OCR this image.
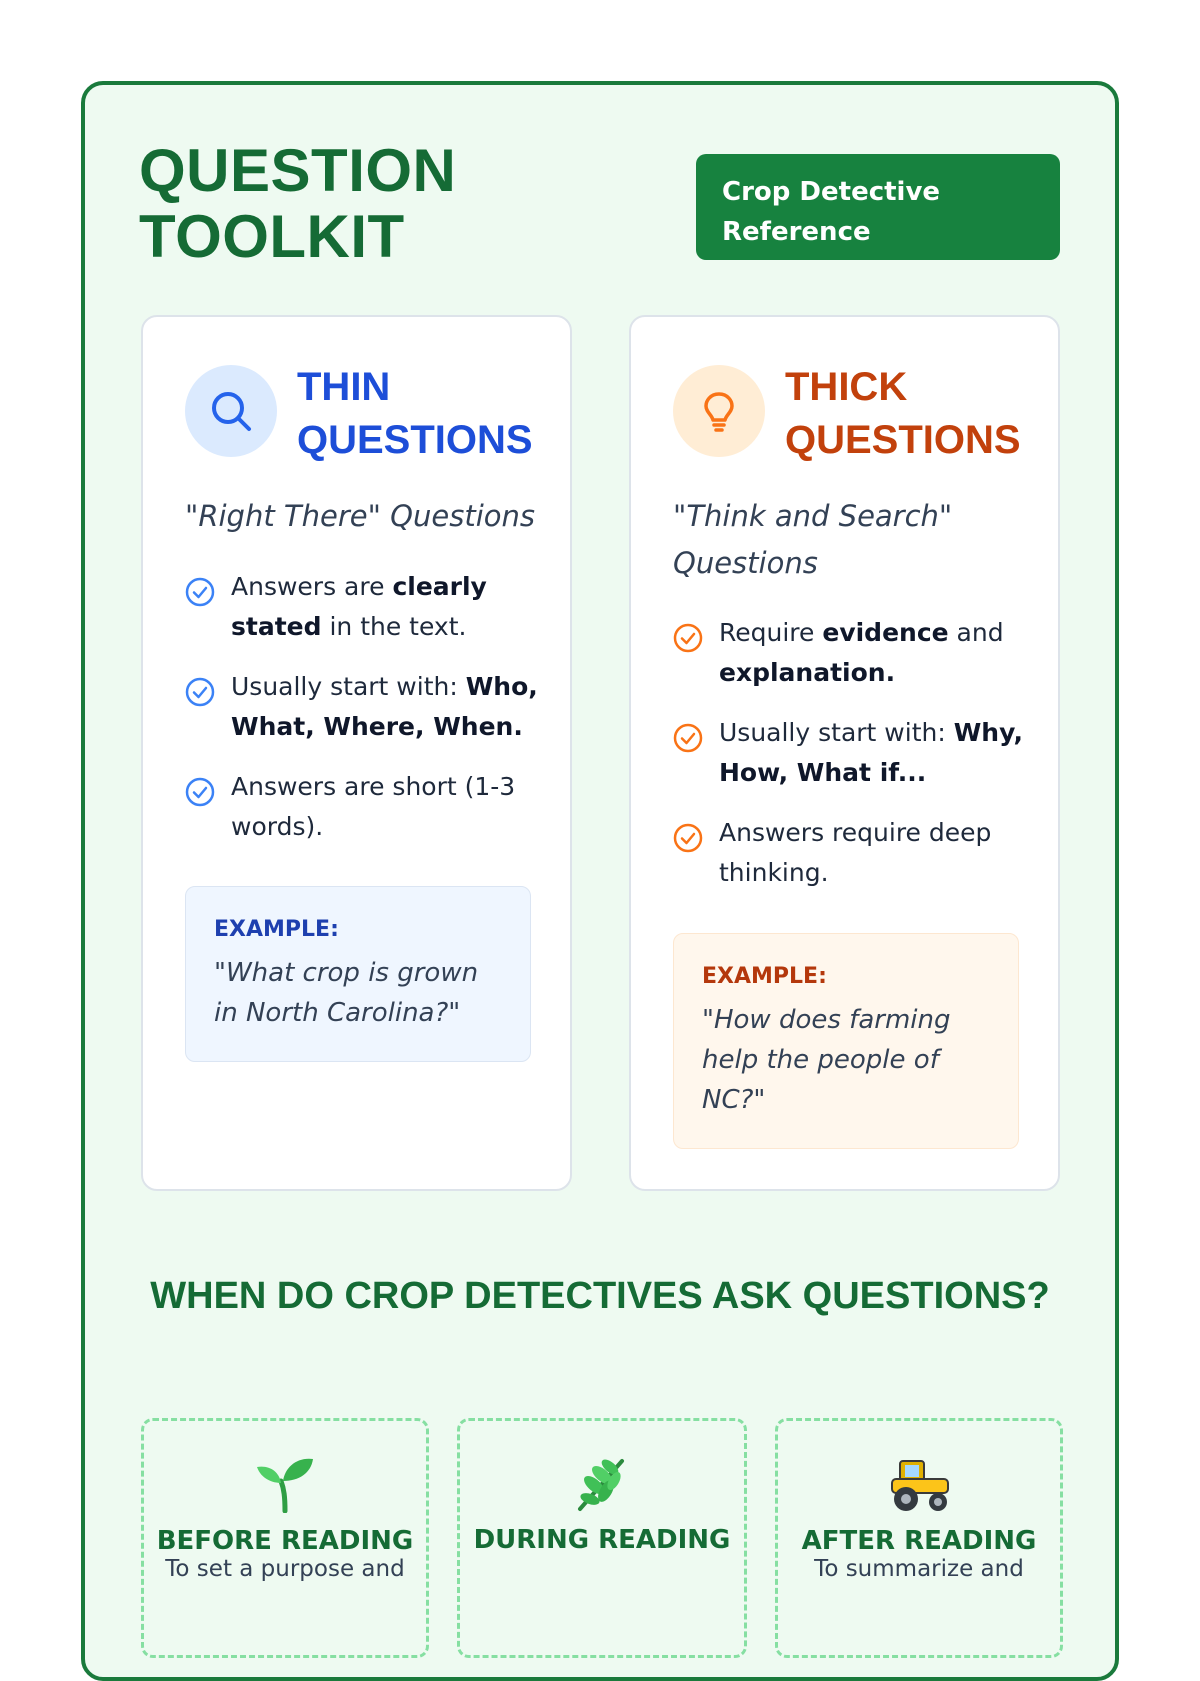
QUESTION TOOLKIT
Crop Detective Reference
THIN QUESTIONS
"Right There" Questions
Answers are clearly stated in the text.
Usually start with: Who, What, Where, When.
Answers are short (1-3 words).
EXAMPLE:
"What crop is grown in North Carolina?"
THICK QUESTIONS
"Think and Search" Questions
Require evidence and explanation.
Usually start with: Why, How, What if...
Answers require deep thinking.
EXAMPLE:
"How does farming help the people of NC?"
WHEN DO CROP DETECTIVES ASK QUESTIONS?
BEFORE READING
To set a purpose and
DURING READING	AFTER READING
To summarize and
